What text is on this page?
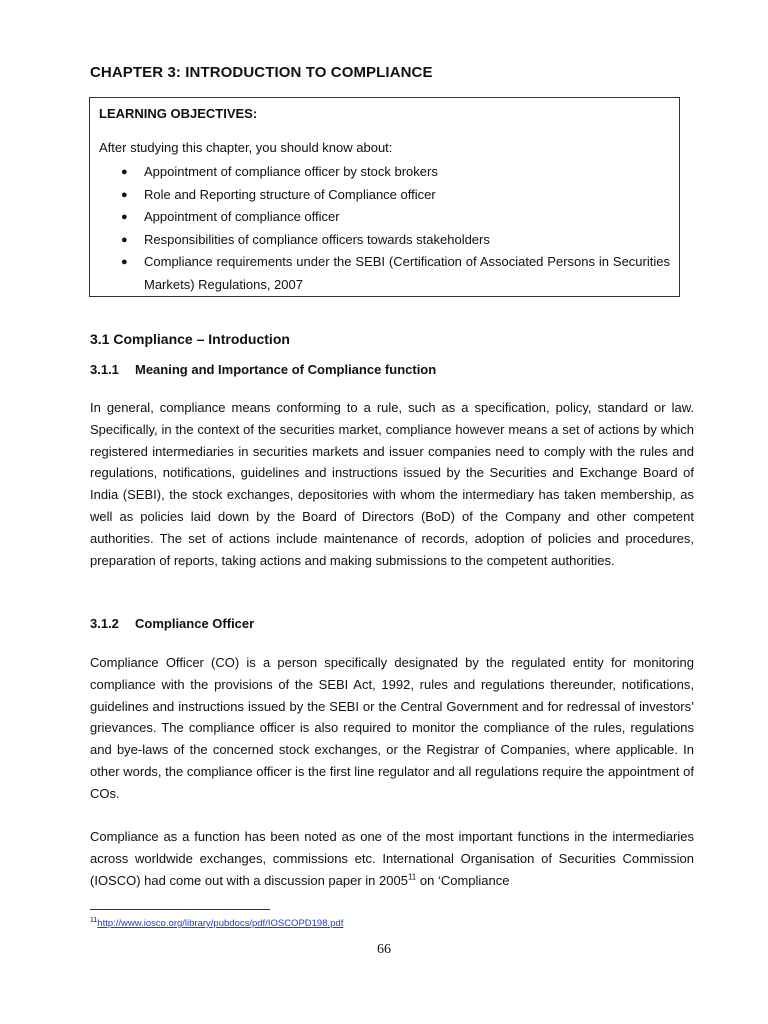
CHAPTER 3: INTRODUCTION TO COMPLIANCE
LEARNING OBJECTIVES:
After studying this chapter, you should know about:
● Appointment of compliance officer by stock brokers
● Role and Reporting structure of Compliance officer
● Appointment of compliance officer
● Responsibilities of compliance officers towards stakeholders
● Compliance requirements under the SEBI (Certification of Associated Persons in Securities Markets) Regulations, 2007
3.1 Compliance – Introduction
3.1.1 Meaning and Importance of Compliance function
In general, compliance means conforming to a rule, such as a specification, policy, standard or law. Specifically, in the context of the securities market, compliance however means a set of actions by which registered intermediaries in securities markets and issuer companies need to comply with the rules and regulations, notifications, guidelines and instructions issued by the Securities and Exchange Board of India (SEBI), the stock exchanges, depositories with whom the intermediary has taken membership, as well as policies laid down by the Board of Directors (BoD) of the Company and other competent authorities. The set of actions include maintenance of records, adoption of policies and procedures, preparation of reports, taking actions and making submissions to the competent authorities.
3.1.2 Compliance Officer
Compliance Officer (CO) is a person specifically designated by the regulated entity for monitoring compliance with the provisions of the SEBI Act, 1992, rules and regulations thereunder, notifications, guidelines and instructions issued by the SEBI or the Central Government and for redressal of investors’ grievances. The compliance officer is also required to monitor the compliance of the rules, regulations and bye-laws of the concerned stock exchanges, or the Registrar of Companies, where applicable. In other words, the compliance officer is the first line regulator and all regulations require the appointment of COs.
Compliance as a function has been noted as one of the most important functions in the intermediaries across worldwide exchanges, commissions etc. International Organisation of Securities Commission (IOSCO) had come out with a discussion paper in 2005$^{11}$ on ‘Compliance
$^{11}$http://www.iosco.org/library/pubdocs/pdf/IOSCOPD198.pdf
66
